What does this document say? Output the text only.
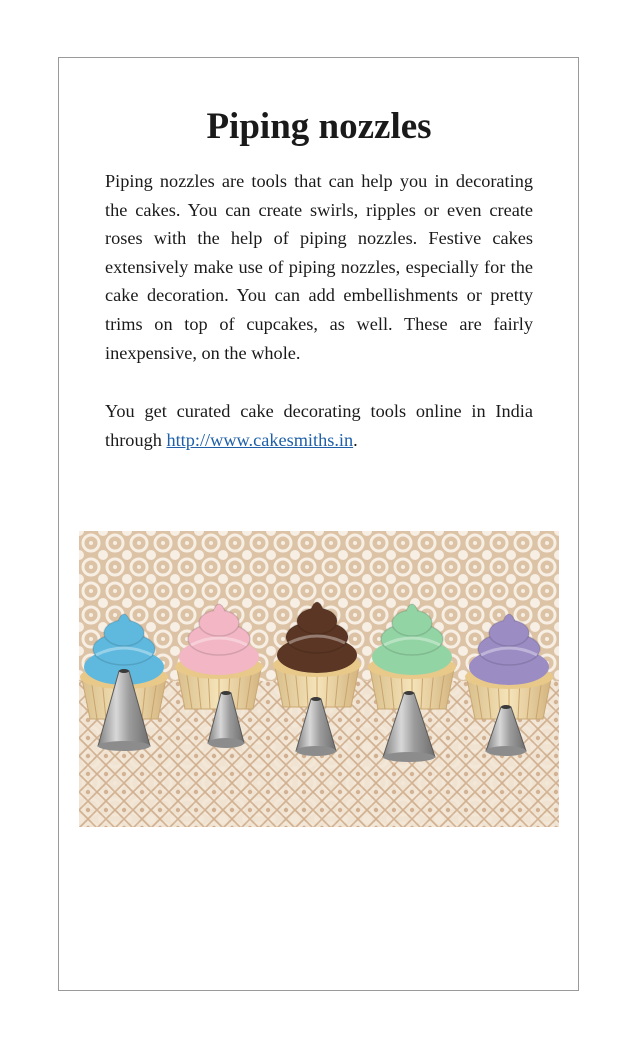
Piping nozzles

Piping nozzles are tools that can help you in decorating the cakes. You can create swirls, ripples or even create roses with the help of piping nozzles. Festive cakes extensively make use of piping nozzles, especially for the cake decoration. You can add embellishments or pretty trims on top of cupcakes, as well. These are fairly inexpensive, on the whole.

You get curated cake decorating tools online in India through http://www.cakesmiths.in.
